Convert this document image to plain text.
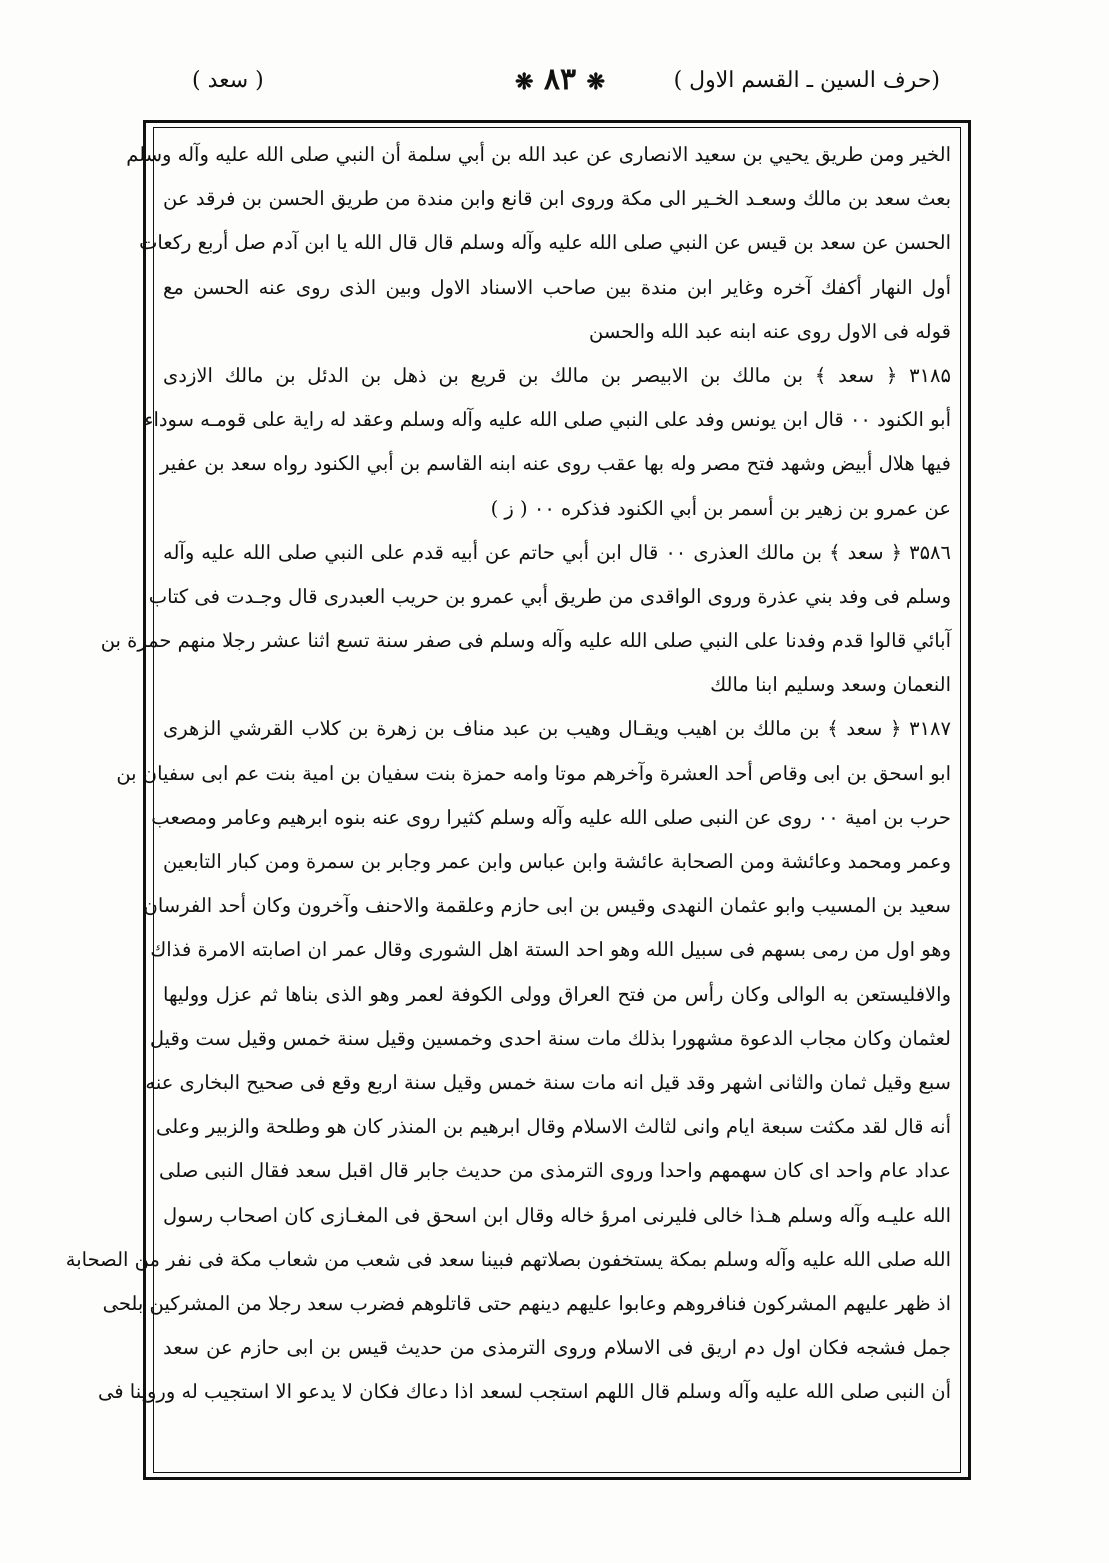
(حرف السين ـ القسم الاول )
❋ ۸۳ ❋
( سعد )
الخير ومن طريق يحيي بن سعيد الانصارى عن عبد الله بن أبي سلمة أن النبي صلى الله عليه وآله وسلم
بعث سعد بن مالك وسعـد الخـير الى مكة وروى ابن قانع وابن مندة من طريق الحسن بن فرقد عن
الحسن عن سعد بن قيس عن النبي صلى الله عليه وآله وسلم قال قال الله يا ابن آدم صل أربع ركعات
أول النهار أكفك آخره وغاير ابن مندة بين صاحب الاسناد الاول وبين الذى روى عنه الحسن مع
قوله فى الاول روى عنه ابنه عبد الله والحسن
۳۱۸۵ ﴿ سعد ﴾ بن مالك بن الابيصر بن مالك بن قريع بن ذهل بن الدئل بن مالك الازدى
أبو الكنود ٠٠ قال ابن يونس وفد على النبي صلى الله عليه وآله وسلم وعقد له راية على قومـه سوداء
فيها هلال أبيض وشهد فتح مصر وله بها عقب روى عنه ابنه القاسم بن أبي الكنود رواه سعد بن عفير
عن عمرو بن زهير بن أسمر بن أبي الكنود فذكره ٠٠ ( ز )
۳۵۸٦ ﴿ سعد ﴾ بن مالك العذرى ٠٠ قال ابن أبي حاتم عن أبيه قدم على النبي صلى الله عليه وآله
وسلم فى وفد بني عذرة وروى الواقدى من طريق أبي عمرو بن حريب العبدرى قال وجـدت فى كتاب
آبائي قالوا قدم وفدنا على النبي صلى الله عليه وآله وسلم فى صفر سنة تسع اثنا عشر رجلا منهم حمزة بن
النعمان وسعد وسليم ابنا مالك
۳۱۸۷ ﴿ سعد ﴾ بن مالك بن اهيب ويقـال وهيب بن عبد مناف بن زهرة بن كلاب القرشي الزهرى
ابو اسحق بن ابى وقاص أحد العشرة وآخرهم موتا وامه حمزة بنت سفيان بن امية بنت عم ابى سفيان بن
حرب بن امية ٠٠ روى عن النبى صلى الله عليه وآله وسلم كثيرا روى عنه بنوه ابرهيم وعامر ومصعب
وعمر ومحمد وعائشة ومن الصحابة عائشة وابن عباس وابن عمر وجابر بن سمرة ومن كبار التابعين
سعيد بن المسيب وابو عثمان النهدى وقيس بن ابى حازم وعلقمة والاحنف وآخرون وكان أحد الفرسان
وهو اول من رمى بسهم فى سبيل الله وهو احد الستة اهل الشورى وقال عمر ان اصابته الامرة فذاك
والافليستعن به الوالى وكان رأس من فتح العراق وولى الكوفة لعمر وهو الذى بناها ثم عزل ووليها
لعثمان وكان مجاب الدعوة مشهورا بذلك مات سنة احدى وخمسين وقيل سنة خمس وقيل ست وقيل
سبع وقيل ثمان والثانى اشهر وقد قيل انه مات سنة خمس وقيل سنة اربع وقع فى صحيح البخارى عنه
أنه قال لقد مكثت سبعة ايام وانى لثالث الاسلام وقال ابرهيم بن المنذر كان هو وطلحة والزبير وعلى
عداد عام واحد اى كان سهمهم واحدا وروى الترمذى من حديث جابر قال اقبل سعد فقال النبى صلى
الله عليـه وآله وسلم هـذا خالى فليرنى امرؤ خاله وقال ابن اسحق فى المغـازى كان اصحاب رسول
الله صلى الله عليه وآله وسلم بمكة يستخفون بصلاتهم فبينا سعد فى شعب من شعاب مكة فى نفر من الصحابة
اذ ظهر عليهم المشركون فنافروهم وعابوا عليهم دينهم حتى قاتلوهم فضرب سعد رجلا من المشركين بلحى
جمل فشجه فكان اول دم اريق فى الاسلام وروى الترمذى من حديث قيس بن ابى حازم عن سعد
أن النبى صلى الله عليه وآله وسلم قال اللهم استجب لسعد اذا دعاك فكان لا يدعو الا استجيب له وروينا فى
